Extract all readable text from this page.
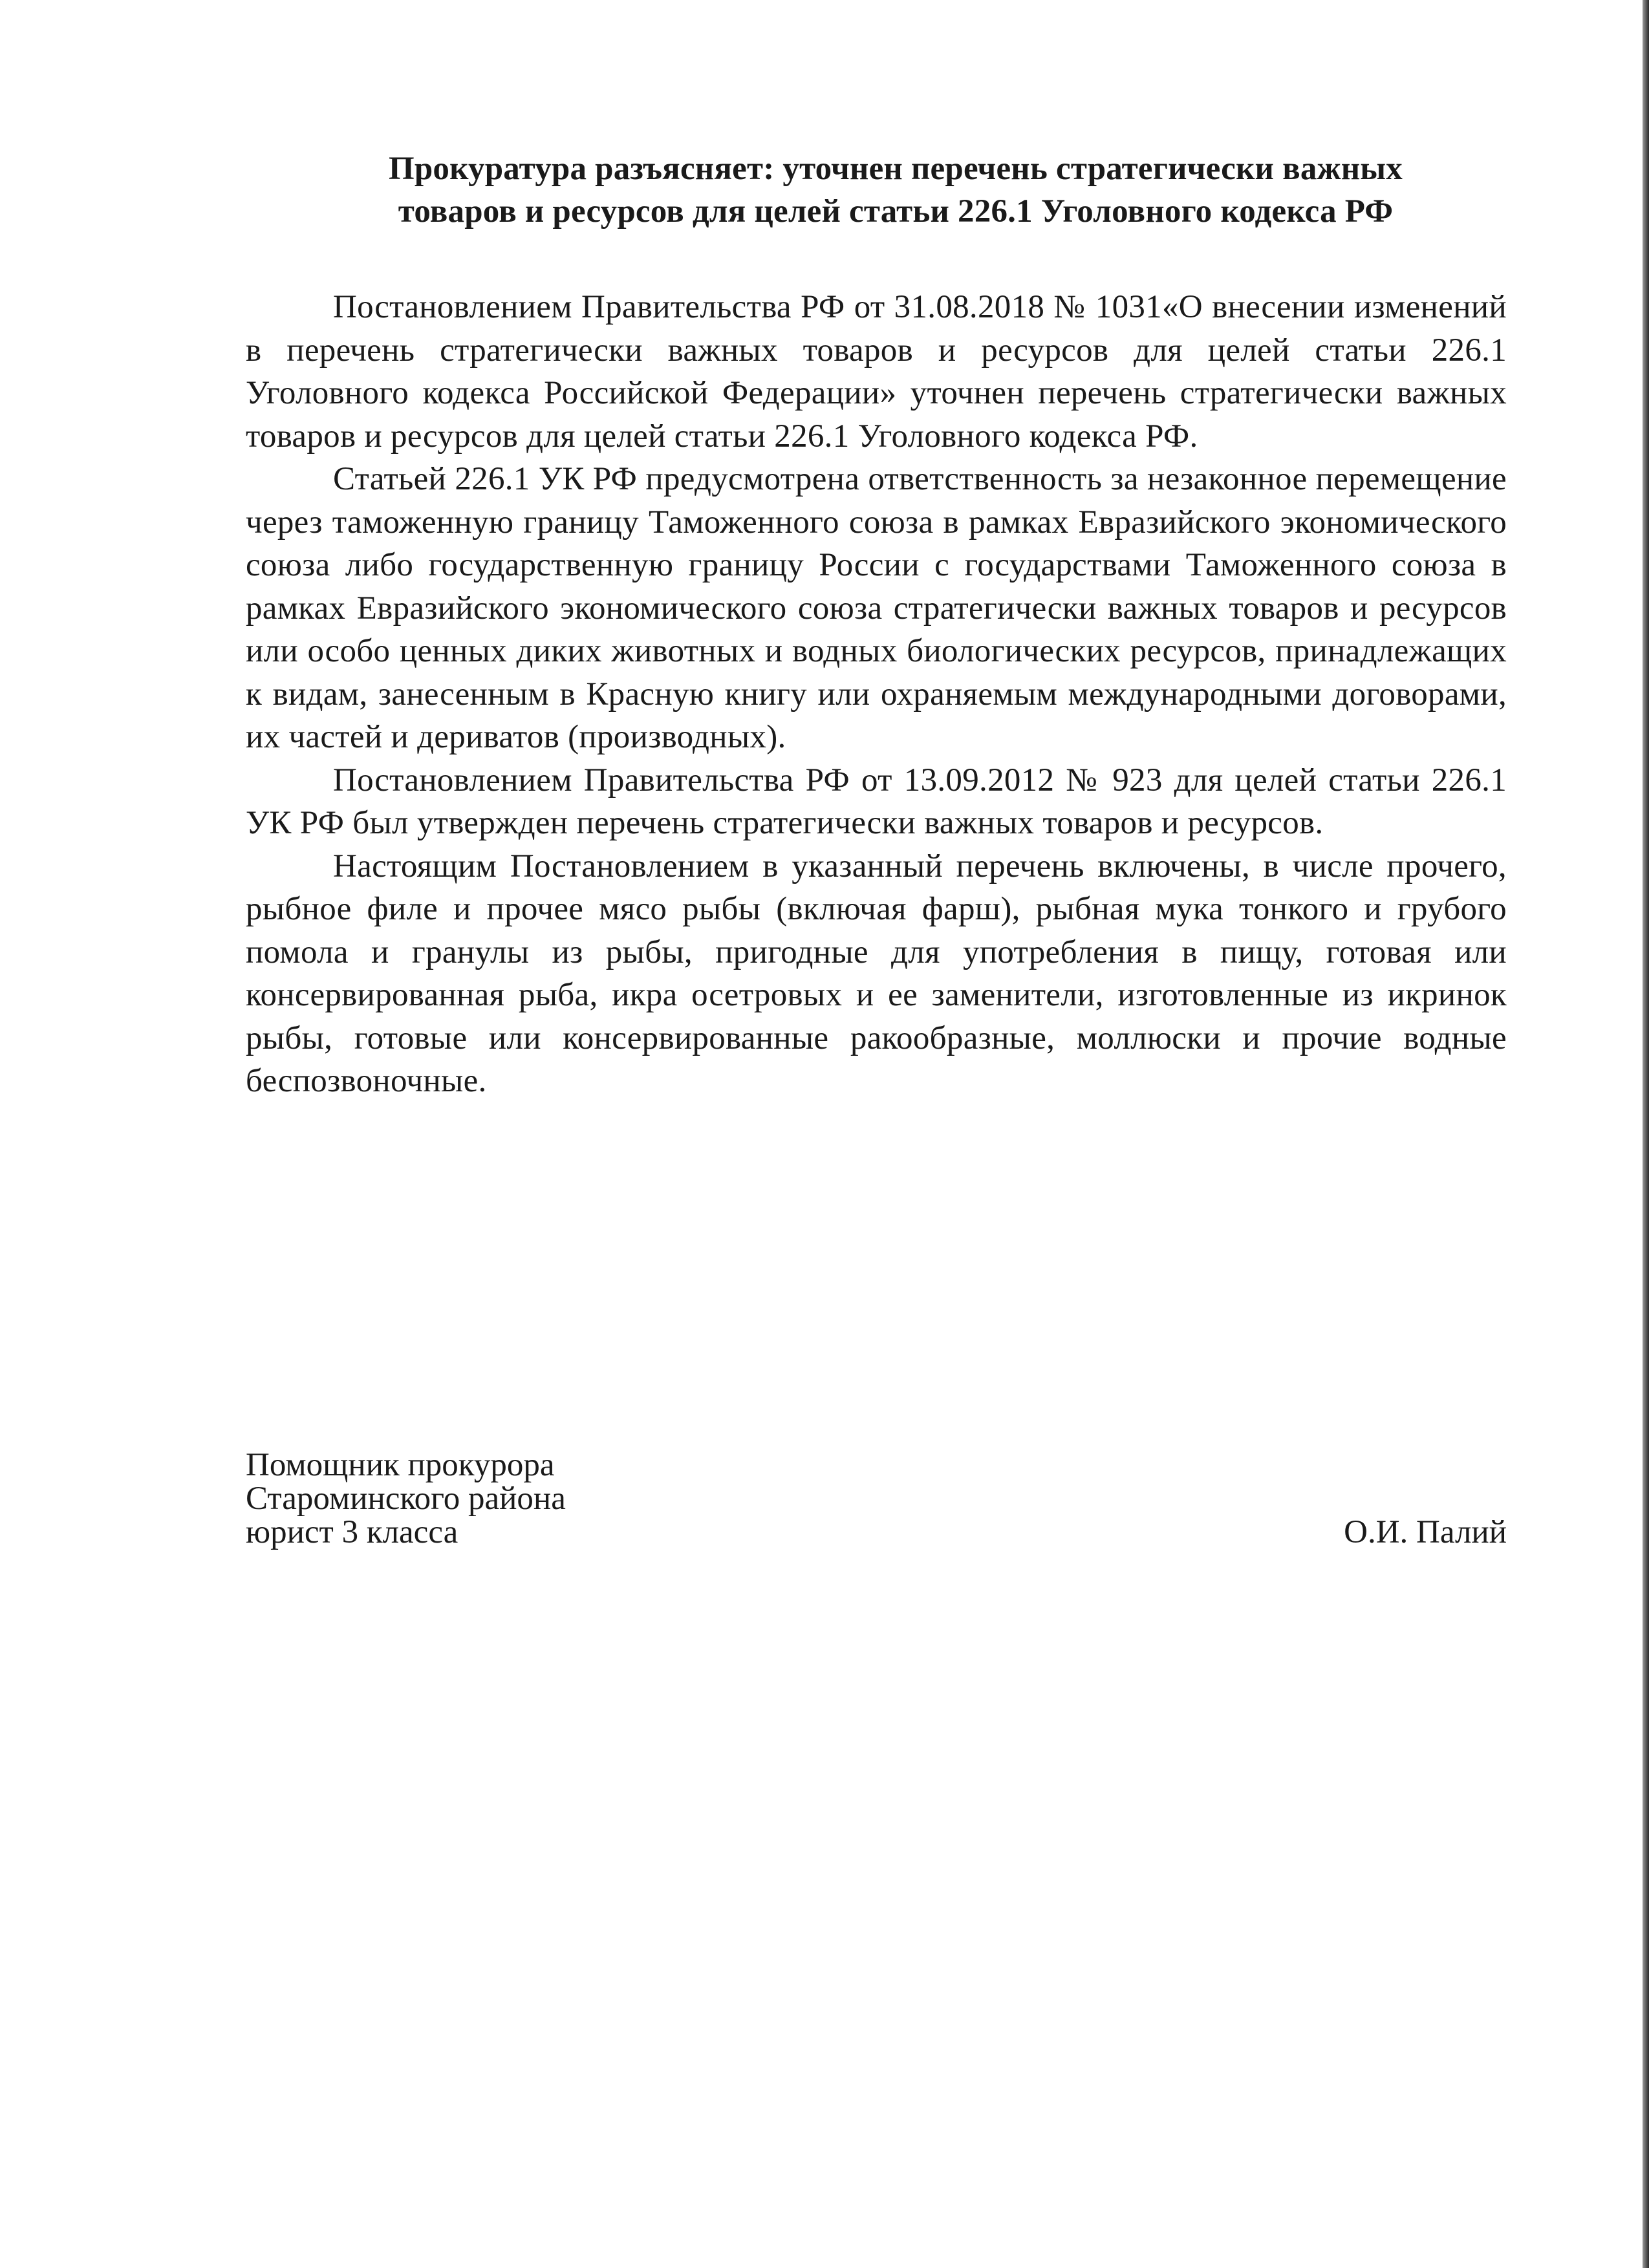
Прокуратура разъясняет: уточнен перечень стратегически важных
товаров и ресурсов для целей статьи 226.1 Уголовного кодекса РФ

Постановлением Правительства РФ от 31.08.2018 № 1031«О внесении изменений в перечень стратегически важных товаров и ресурсов для целей статьи 226.1 Уголовного кодекса Российской Федерации» уточнен перечень стратегически важных товаров и ресурсов для целей статьи 226.1 Уголовного кодекса РФ.

Статьей 226.1 УК РФ предусмотрена ответственность за незаконное перемещение через таможенную границу Таможенного союза в рамках Евразийского экономического союза либо государственную границу России с государствами Таможенного союза в рамках Евразийского экономического союза стратегически важных товаров и ресурсов или особо ценных диких животных и водных биологических ресурсов, принадлежащих к видам, занесенным в Красную книгу или охраняемым международными договорами, их частей и дериватов (производных).

Постановлением Правительства РФ от 13.09.2012 № 923 для целей статьи 226.1 УК РФ был утвержден перечень стратегически важных товаров и ресурсов.

Настоящим Постановлением в указанный перечень включены, в числе прочего, рыбное филе и прочее мясо рыбы (включая фарш), рыбная мука тонкого и грубого помола и гранулы из рыбы, пригодные для употребления в пищу, готовая или консервированная рыба, икра осетровых и ее заменители, изготовленные из икринок рыбы, готовые или консервированные ракообразные, моллюски и прочие водные беспозвоночные.

Помощник прокурора
Староминского района
юрист 3 класса	О.И. Палий
